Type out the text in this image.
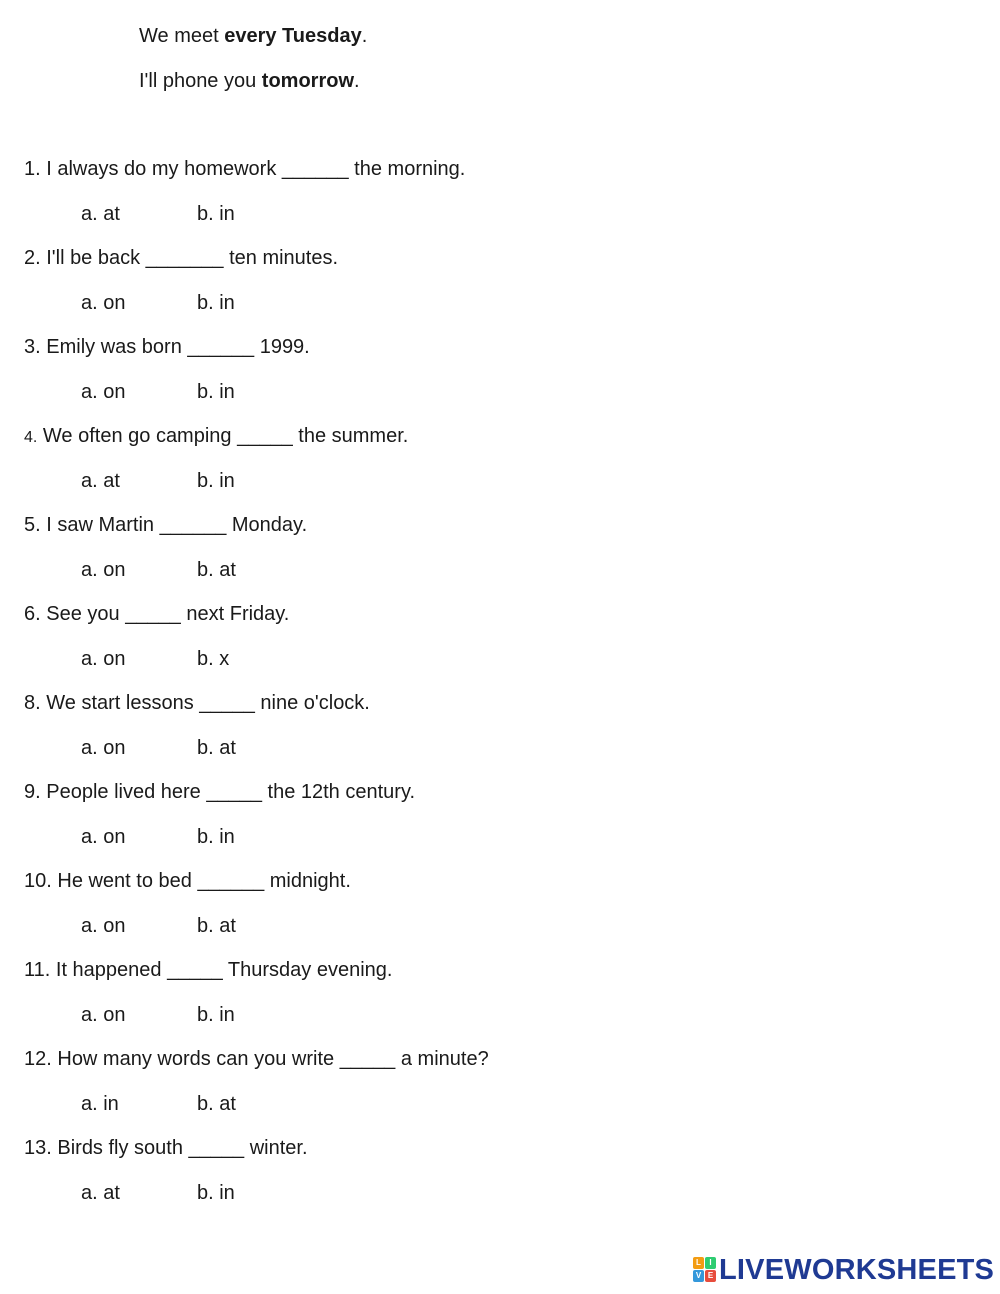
We meet every Tuesday.
I'll phone you tomorrow.
1. I always do my homework ______ the morning.
a. at	b. in
2. I'll be back _______ ten minutes.
a. on	b. in
3. Emily was born ______ 1999.
a. on	b. in
4. We often go camping _____ the summer.
a. at	b. in
5. I saw Martin ______ Monday.
a. on	b. at
6. See you _____ next Friday.
a. on	b. x
8. We start lessons _____ nine o'clock.
a. on	b. at
9. People lived here _____ the 12th century.
a. on	b. in
10. He went to bed ______ midnight.
a. on	b. at
11. It happened _____ Thursday evening.
a. on	b. in
12. How many words can you write _____ a minute?
a. in	b. at
13. Birds fly south _____ winter.
a. at	b. in
L	I
V E LIVEWORKSHEETS
